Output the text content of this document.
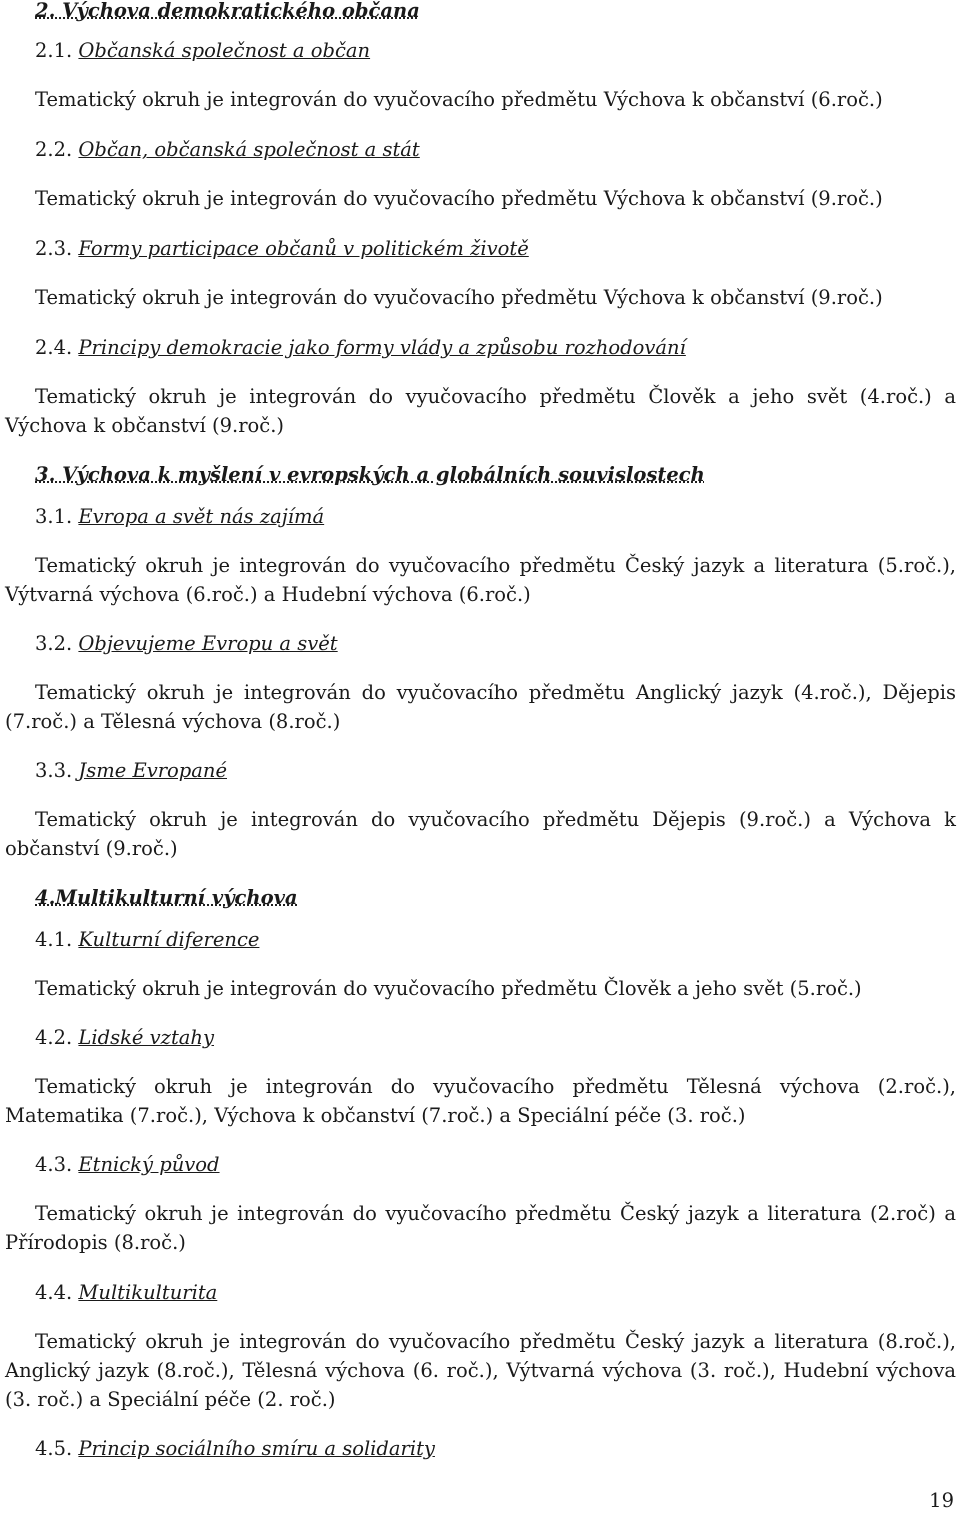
2. Výchova demokratického občana
2.1. Občanská společnost a občan
Tematický okruh je integrován do vyučovacího předmětu Výchova k občanství (6.roč.)
2.2. Občan, občanská společnost a stát
Tematický okruh je integrován do vyučovacího předmětu Výchova k občanství (9.roč.)
2.3. Formy participace občanů v politickém životě
Tematický okruh je integrován do vyučovacího předmětu Výchova k občanství (9.roč.)
2.4. Principy demokracie jako formy vlády a způsobu rozhodování
Tematický okruh je integrován do vyučovacího předmětu Člověk a jeho svět (4.roč.) a
Výchova k občanství (9.roč.)
3. Výchova k myšlení v evropských a globálních souvislostech
3.1. Evropa a svět nás zajímá
Tematický okruh je integrován do vyučovacího předmětu Český jazyk a literatura (5.roč.),
Výtvarná výchova (6.roč.) a Hudební výchova (6.roč.)
3.2. Objevujeme Evropu a svět
Tematický okruh je integrován do vyučovacího předmětu Anglický jazyk (4.roč.), Dějepis
(7.roč.) a Tělesná výchova (8.roč.)
3.3. Jsme Evropané
Tematický okruh je integrován do vyučovacího předmětu Dějepis (9.roč.) a Výchova k
občanství (9.roč.)
4.Multikulturní výchova
4.1. Kulturní diference
Tematický okruh je integrován do vyučovacího předmětu Člověk a jeho svět (5.roč.)
4.2. Lidské vztahy
Tematický okruh je integrován do vyučovacího předmětu Tělesná výchova (2.roč.),
Matematika (7.roč.), Výchova k občanství (7.roč.) a Speciální péče (3. roč.)
4.3. Etnický původ
Tematický okruh je integrován do vyučovacího předmětu Český jazyk a literatura (2.roč) a
Přírodopis (8.roč.)
4.4. Multikulturita
Tematický okruh je integrován do vyučovacího předmětu Český jazyk a literatura (8.roč.),
Anglický jazyk (8.roč.), Tělesná výchova (6. roč.), Výtvarná výchova (3. roč.), Hudební výchova
(3. roč.) a Speciální péče (2. roč.)
4.5. Princip sociálního smíru a solidarity
19
